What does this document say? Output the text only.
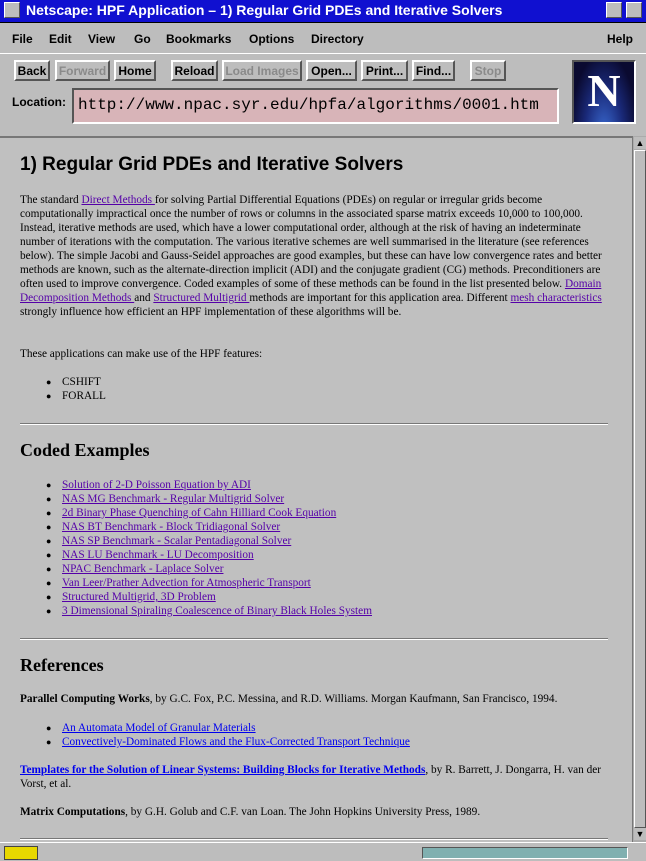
Netscape: HPF Application – 1) Regular Grid PDEs and Iterative Solvers
File Edit View Go Bookmarks Options Directory	Help
Back	Forward	Home	Reload Load Images	Open...	Print...	Find...	Stop
Location: http://www.npac.syr.edu/hpfa/algorithms/0001.htm	N
1) Regular Grid PDEs and Iterative Solvers
The standard Direct Methods for solving Partial Differential Equations (PDEs) on regular or irregular grids become computationally impractical once the number of rows or columns in the associated sparse matrix exceeds 10,000 to 100,000. Instead, iterative methods are used, which have a lower computational order, although at the risk of having an indeterminate number of iterations with the computation. The various iterative schemes are well summarised in the literature (see references below). The simple Jacobi and Gauss-Seidel approaches are good examples, but these can have low convergence rates and better methods are known, such as the alternate-direction implicit (ADI) and the conjugate gradient (CG) methods. Preconditioners are often used to improve convergence. Coded examples of some of these methods can be found in the list presented below. Domain Decomposition Methods and Structured Multigrid methods are important for this application area. Different mesh characteristics strongly influence how efficient an HPF implementation of these algorithms will be.
These applications can make use of the HPF features:
● CSHIFT
● FORALL
Coded Examples
● Solution of 2-D Poisson Equation by ADI
● NAS MG Benchmark - Regular Multigrid Solver
● 2d Binary Phase Quenching of Cahn Hilliard Cook Equation
● NAS BT Benchmark - Block Tridiagonal Solver
● NAS SP Benchmark - Scalar Pentadiagonal Solver
● NAS LU Benchmark - LU Decomposition
● NPAC Benchmark - Laplace Solver
● Van Leer/Prather Advection for Atmospheric Transport
● Structured Multigrid, 3D Problem
● 3 Dimensional Spiraling Coalescence of Binary Black Holes System
References
Parallel Computing Works, by G.C. Fox, P.C. Messina, and R.D. Williams. Morgan Kaufmann, San Francisco, 1994.
● An Automata Model of Granular Materials
● Convectively-Dominated Flows and the Flux-Corrected Transport Technique
Templates for the Solution of Linear Systems: Building Blocks for Iterative Methods, by R. Barrett, J. Dongarra, H. van der Vorst, et al.
Matrix Computations, by G.H. Golub and C.F. van Loan. The John Hopkins University Press, 1989.
▲
▼
